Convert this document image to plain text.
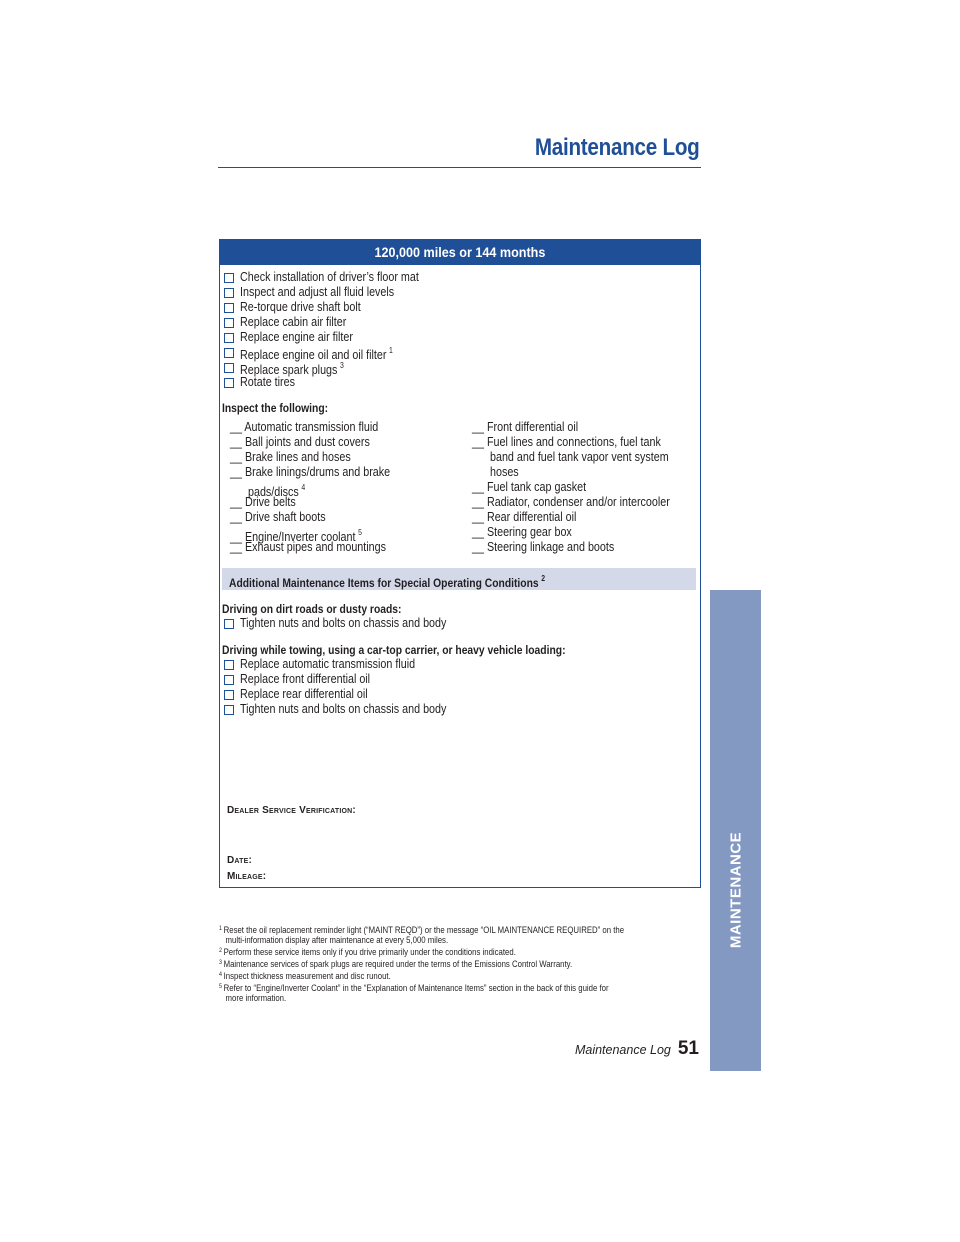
Maintenance Log
MAINTENANCE
120,000 miles or 144 months
Check installation of driver’s floor mat
Inspect and adjust all fluid levels
Re-torque drive shaft bolt
Replace cabin air filter
Replace engine air filter
Replace engine oil and oil filter $^1$
Replace spark plugs $^3$
Rotate tires
Inspect the following:
__ Automatic transmission fluid
__ Ball joints and dust covers
__ Brake lines and hoses
__ Brake linings/drums and brake
pads/discs $^4$
__ Drive belts
__ Drive shaft boots
__ Engine/Inverter coolant $^5$
__ Exhaust pipes and mountings
__ Front differential oil
__ Fuel lines and connections, fuel tank
band and fuel tank vapor vent system
hoses
__ Fuel tank cap gasket
__ Radiator, condenser and/or intercooler
__ Rear differential oil
__ Steering gear box
__ Steering linkage and boots
Additional Maintenance Items for Special Operating Conditions $^2$
Driving on dirt roads or dusty roads:
Tighten nuts and bolts on chassis and body
Driving while towing, using a car-top carrier, or heavy vehicle loading:
Replace automatic transmission fluid
Replace front differential oil
Replace rear differential oil
Tighten nuts and bolts on chassis and body
Dealer Service Verification:
Date:
Mileage:
$^1$ Reset the oil replacement reminder light (“MAINT REQD”) or the message “OIL MAINTENANCE REQUIRED” on the
multi-information display after maintenance at every 5,000 miles.
$^2$ Perform these service items only if you drive primarily under the conditions indicated.
$^3$ Maintenance services of spark plugs are required under the terms of the Emissions Control Warranty.
$^4$ Inspect thickness measurement and disc runout.
$^5$ Refer to “Engine/Inverter Coolant” in the “Explanation of Maintenance Items” section in the back of this guide for
more information.
Maintenance Log 51
